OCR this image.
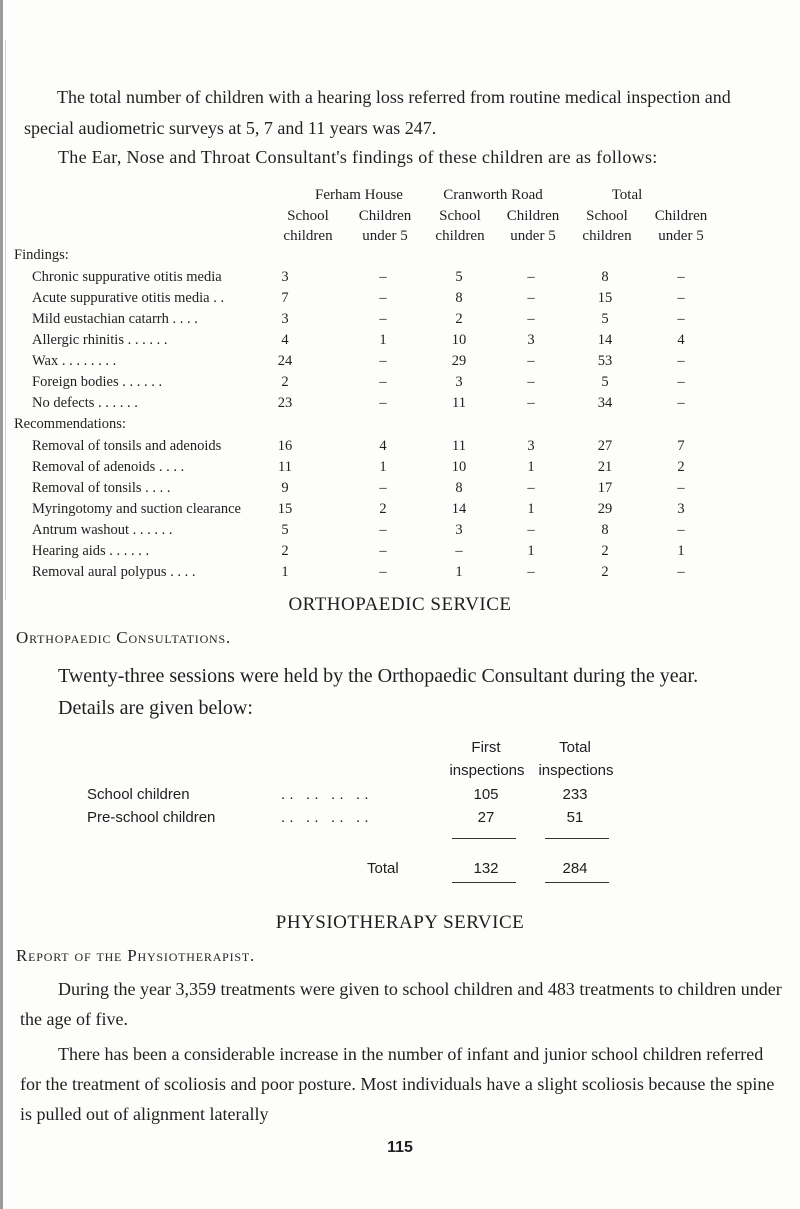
The total number of children with a hearing loss referred from routine medical inspection and special audiometric surveys at 5, 7 and 11 years was 247.

The Ear, Nose and Throat Consultant's findings of these children are as follows:

Ferham House	Cranworth Road	Total
School	Children	School	Children	School	Children
children	under 5	children	under 5	children	under 5
Findings:
Chronic suppurative otitis media	3	–	5	–	8	–
Acute suppurative otitis media . .	7	–	8	–	15	–
Mild eustachian catarrh . . . .	3	–	2	–	5	–
Allergic rhinitis . . . . . .	4	1	10	3	14	4
Wax . . . . . . . .	24	–	29	–	53	–
Foreign bodies . . . . . .	2	–	3	–	5	–
No defects . . . . . .	23	–	11	–	34	–
Recommendations:
Removal of tonsils and adenoids	16	4	11	3	27	7
Removal of adenoids . . . .	11	1	10	1	21	2
Removal of tonsils . . . .	9	–	8	–	17	–
Myringotomy and suction clearance	15	2	14	1	29	3
Antrum washout . . . . . .	5	–	3	–	8	–
Hearing aids . . . . . .	2	–	–	1	2	1
Removal aural polypus . . . .	1	–	1	–	2	–
ORTHOPAEDIC SERVICE
Orthopaedic Consultations.
Twenty-three sessions were held by the Orthopaedic Consultant during the year.
Details are given below:
First	Total
inspections inspections
School children	. .   . .   . .   . .	105	233
Pre-school children	. .   . .   . .   . .	27	51
Total	132	284
PHYSIOTHERAPY SERVICE
Report of the Physiotherapist.

During the year 3,359 treatments were given to school children and 483 treatments to children under the age of five.

There has been a considerable increase in the number of infant and junior school children referred for the treatment of scoliosis and poor posture. Most individuals have a slight scoliosis because the spine is pulled out of alignment laterally

115
